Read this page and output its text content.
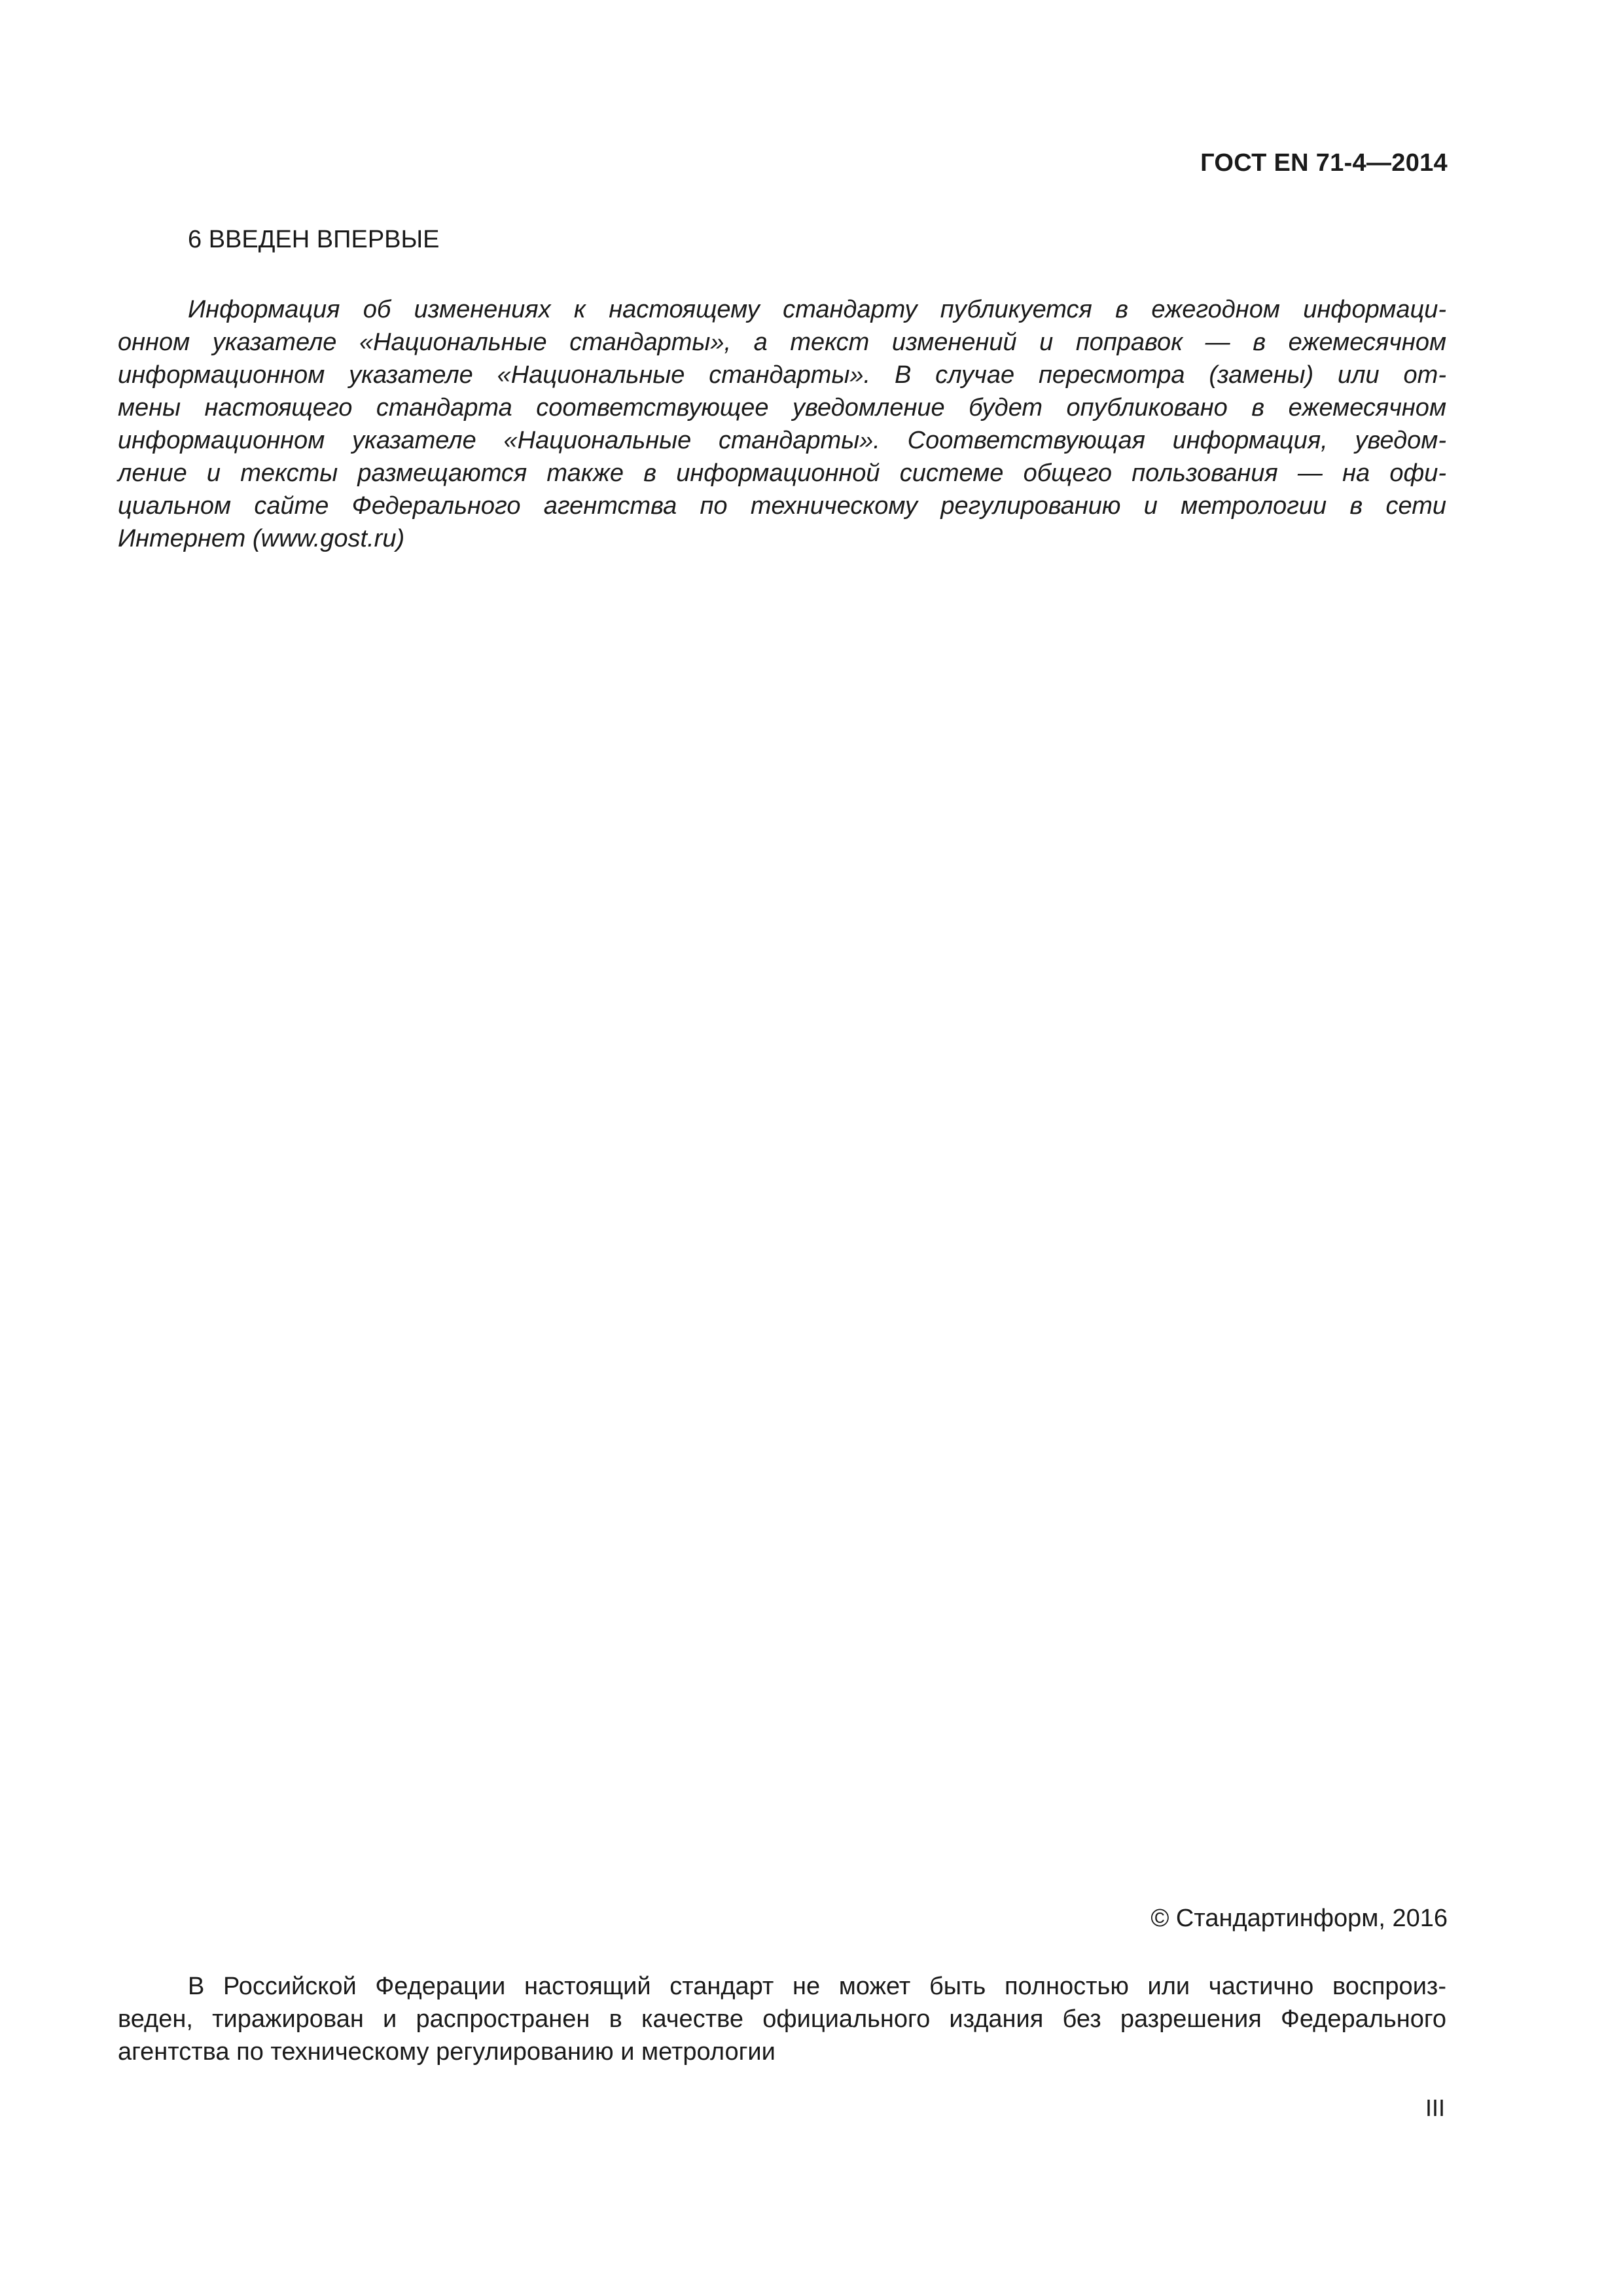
ГОСТ EN 71-4—2014
6 ВВЕДЕН ВПЕРВЫЕ
Информация об изменениях к настоящему стандарту публикуется в ежегодном информаци-
онном указателе «Национальные стандарты», а текст изменений и поправок — в ежемесячном
информационном указателе «Национальные стандарты». В случае пересмотра (замены) или от-
мены настоящего стандарта соответствующее уведомление будет опубликовано в ежемесячном
информационном указателе «Национальные стандарты». Соответствующая информация, уведом-
ление и тексты размещаются также в информационной системе общего пользования — на офи-
циальном сайте Федерального агентства по техническому регулированию и метрологии в сети
Интернет (www.gost.ru)
© Стандартинформ, 2016
В Российской Федерации настоящий стандарт не может быть полностью или частично воспроиз-
веден, тиражирован и распространен в качестве официального издания без разрешения Федерального
агентства по техническому регулированию и метрологии
III
